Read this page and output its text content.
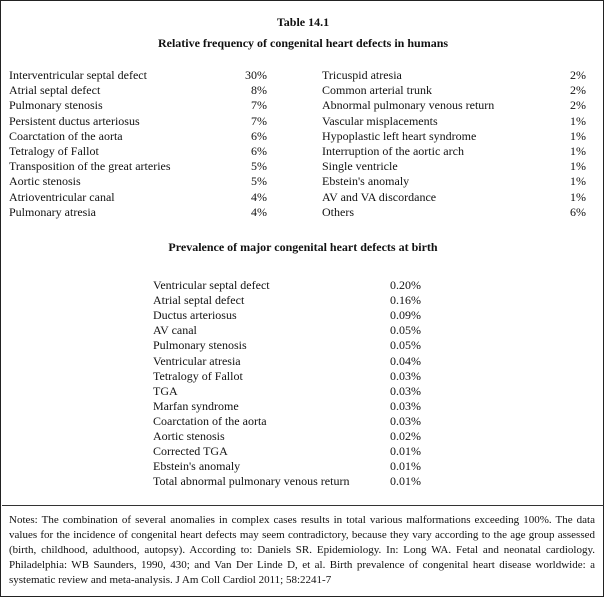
Table 14.1
Relative frequency of congenital heart defects in humans
Interventricular septal defect	30%
Atrial septal defect	8%
Pulmonary stenosis	7%
Persistent ductus arteriosus	7%
Coarctation of the aorta	6%
Tetralogy of Fallot	6%
Transposition of the great arteries	5%
Aortic stenosis	5%
Atrioventricular canal	4%
Pulmonary atresia	4%
Tricuspid atresia	2%
Common arterial trunk	2%
Abnormal pulmonary venous return	2%
Vascular misplacements	1%
Hypoplastic left heart syndrome	1%
Interruption of the aortic arch	1%
Single ventricle	1%
Ebstein's anomaly	1%
AV and VA discordance	1%
Others	6%
Prevalence of major congenital heart defects at birth
Ventricular septal defect	0.20%
Atrial septal defect	0.16%
Ductus arteriosus	0.09%
AV canal	0.05%
Pulmonary stenosis	0.05%
Ventricular atresia	0.04%
Tetralogy of Fallot	0.03%
TGA	0.03%
Marfan syndrome	0.03%
Coarctation of the aorta	0.03%
Aortic stenosis	0.02%
Corrected TGA	0.01%
Ebstein's anomaly	0.01%
Total abnormal pulmonary venous return	0.01%
Notes: The combination of several anomalies in complex cases results in total various malformations exceeding 100%. The data values for the incidence of congenital heart defects may seem contradictory, because they vary according to the age group assessed (birth, childhood, adulthood, autopsy). According to: Daniels SR. Epidemiology. In: Long WA. Fetal and neonatal cardiology. Philadelphia: WB Saunders, 1990, 430; and Van Der Linde D, et al. Birth prevalence of congenital heart disease worldwide: a systematic review and meta-analysis. J Am Coll Cardiol 2011; 58:2241-7
